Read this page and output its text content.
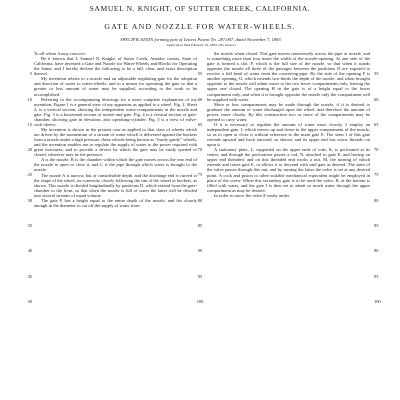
SAMUEL N. KNIGHT, OF SUTTER CREEK, CALIFORNIA.
GATE AND NOZZLE FOR WATER-WHEELS.
SPECIFICATION forming part of Letters Patent No. 287,067, dated November 7, 1883.
Application filed February 19, 1883. (No model.)

To all whom it may concern:

Be it known that I, Samuel N. Knight, of Sutter Creek, Amador county, State of California, have invented a Gate and Nozzle for Water-Wheels and Blocks for Operating the Same; and I hereby declare the following to be a full, clear, and exact description thereof.

My invention relates to a nozzle and an adjustable regulating-gate for the adoption and direction of water to water-wheels, and to a means for operating the gate so that a greater or less amount of water may be supplied, according to the work to be accomplished.

Referring to the accompanying drawings for a more complete explanation of my invention, Figure 1 is a general view of my apparatus as applied to a wheel. Fig. 2, Sheet 2, is a vertical section, showing the independent water-compartments in the nozzle and gate. Fig. 3 is a horizontal section of nozzle and gate. Fig. 4 is a vertical section of gate-chamber, showing gate in elevation, also operating-cylinder. Fig. 5 is a view of valve-cock-sleeve.

My invention is shown in the present case as applied to that class of wheels which are driven by the momentum of a stream of water which is delivered against the buckets from a nozzle under a high pressure, these wheels being known as “hurdy-gurdy” wheels, and the invention enables me to regulate the supply of water to the power required with great exactness, and to provide a device by which the gate may be easily opened or closed, whatever may be the pressure.

A is the nozzle, B is the chamber within which the gate moves across the rear end of the nozzle to open or close it, and C is the pipe through which water is brought to the nozzle.

The nozzle A is narrow, but of considerable depth, and the discharge end is curved to the shape of the wheel, its convexity closely following the rim of the wheel or buckets, as shown. This nozzle is divided longitudinally by partitions D, which extend from the gate-chamber to the front, so that when the nozzle is full of water the latter will be divided into several streams of equal volume.

The gate E has a height equal to the entire depth of the nozzle, and fits closely enough in the diameter to cut off the supply of water from

the nozzle when closed. This gate moves transversely across the pipe or nozzle, and is something more than four times the width of the nozzle-opening. At one side of the gate is formed a slot, F, which is the full size of the nozzle, so that when it stands opposite the nozzle all three of the passages between the partitions D are exposed to receive a full head of water from the conveying-pipe. By the side of the opening F is another opening, G, which extends two-thirds the depth of the nozzle, and when brought opposite to the nozzle will admit water to the two lower compartments only, leaving the upper one closed. The opening H in the gate is of a height equal to the lower compartment only, and when it is brought opposite the nozzle only the compartment will be supplied with water.

More or less compartments may be made through the nozzle, if it is desired to graduate the amount of water discharged upon the wheel, and therefore the amount of power, more closely. By this construction two or more of the compartments may be opened to carry water.

If it is necessary to regulate the amount of water more closely, I employ an independent gate, I, which moves up and down in the upper compartment of the nozzle, so as to open or close it without reference to the main gate E. The stem J of this gate extends upward and back outward, as shown, and its upper end has screw threads cut upon it.

A stationary plate, L, supported on the upper ends of rods, K, is perforated at its center, and through the perforation passes a rod, N, attached to gate E, and having on upper end threaded, and on this threaded end works a nut, M, the turning of which extends and raises gate E, or allows it to descend with said gate as desired. The stem of the valve passes through this nut, and by turning the latter the valve is set at any desired point. A cock and piston or other suitable mechanical equivalent might be employed in place of the screw. When this secondary gate is to be used the valve, B, at the bottom is filled with water, and the gate I is then set to admit so much water through the upper compartment as may be desired.

In order to move the valve E easily under

5
10
15
20
25
30
35
40
45
50
55
60
65
70
75
80
85
90
95
100
55
60
65
70
75
80
85
90
95
100
